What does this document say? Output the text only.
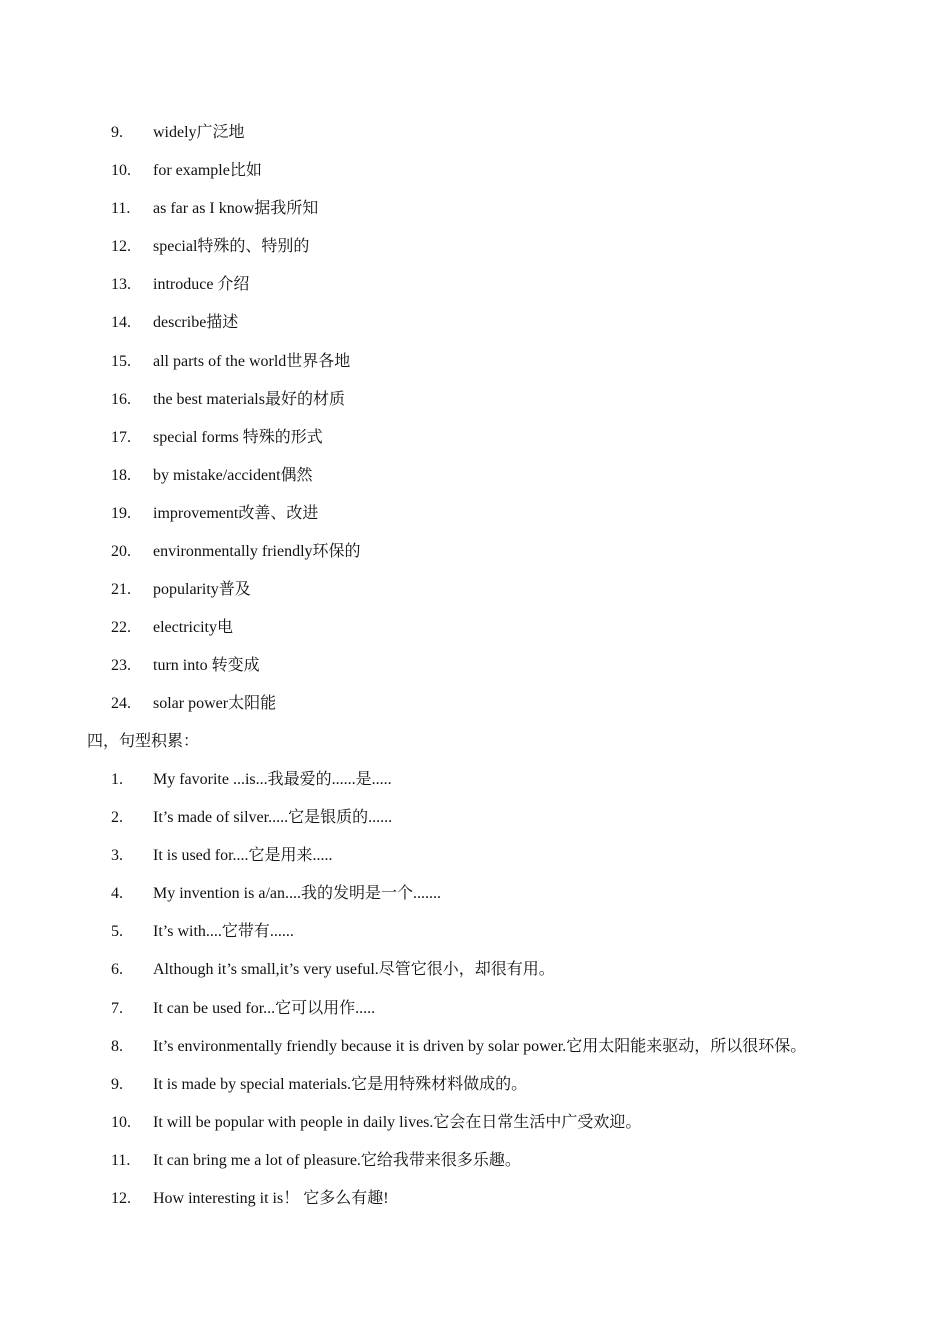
9. widely广泛地
10. for example比如
11. as far as I know据我所知
12. special特殊的、特别的
13. introduce 介绍
14. describe描述
15. all parts of the world世界各地
16. the best materials最好的材质
17. special forms 特殊的形式
18. by mistake/accident偶然
19. improvement改善、改进
20. environmentally friendly环保的
21. popularity普及
22. electricity电
23. turn into 转变成
24. solar power太阳能
四，句型积累：
1. My favorite ...is...我最爱的......是.....
2. It’s made of silver.....它是银质的......
3. It is used for....它是用来.....
4. My invention is a/an....我的发明是一个.......
5. It’s with....它带有......
6. Although it’s small,it’s very useful.尽管它很小，却很有用。
7. It can be used for...它可以用作.....
8. It’s environmentally friendly because it is driven by solar power.它用太阳能来驱动，所以很环保。
9. It is made by special materials.它是用特殊材料做成的。
10. It will be popular with people in daily lives.它会在日常生活中广受欢迎。
11. It can bring me a lot of pleasure.它给我带来很多乐趣。
12. How interesting it is！ 它多么有趣!
